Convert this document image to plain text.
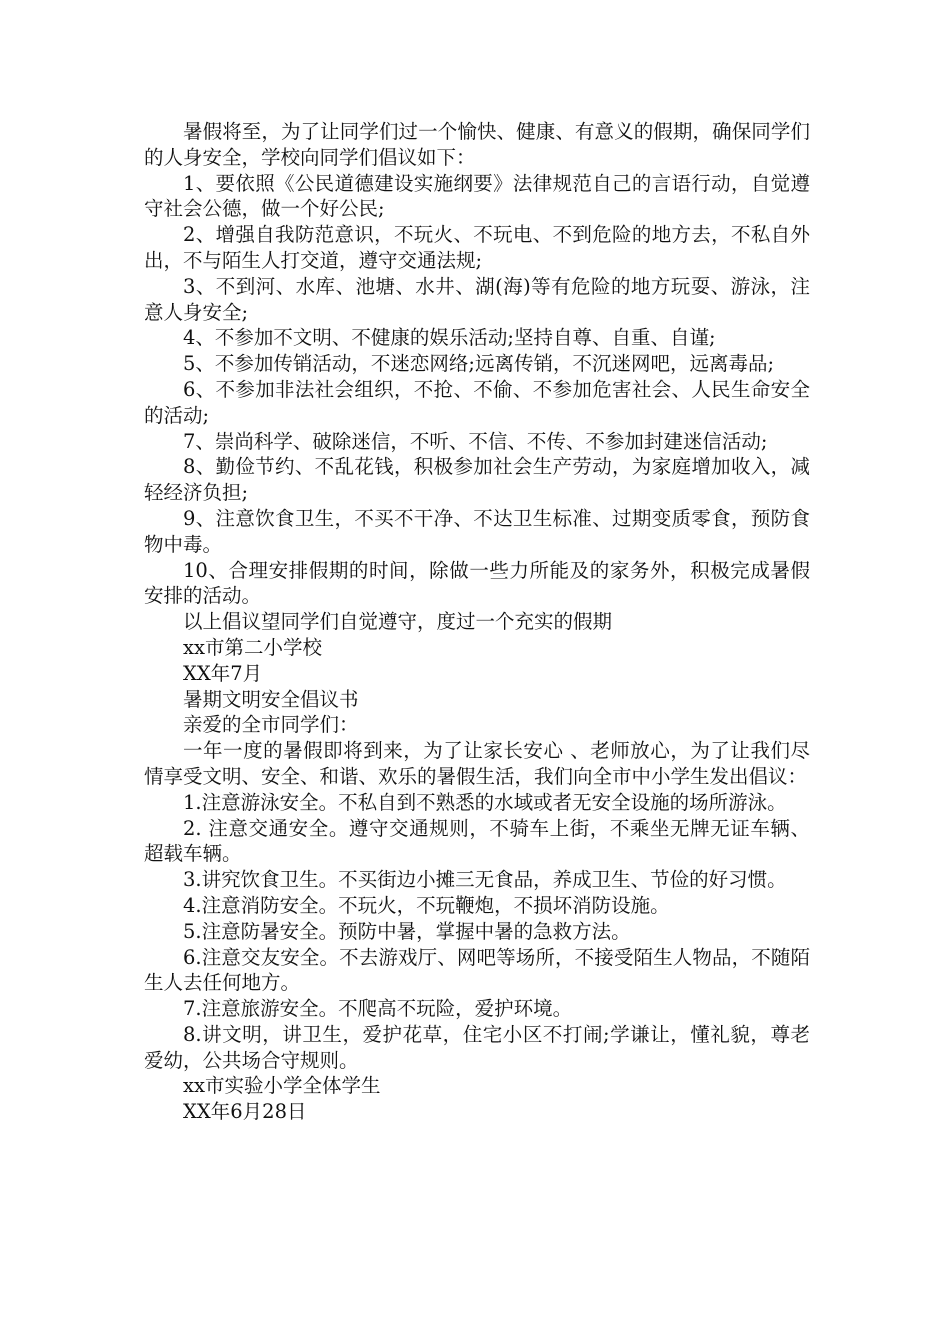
暑假将至，为了让同学们过一个愉快、健康、有意义的假期，确保同学们的人身安全，学校向同学们倡议如下：

1、要依照《公民道德建设实施纲要》法律规范自己的言语行动，自觉遵守社会公德，做一个好公民;

2、增强自我防范意识，不玩火、不玩电、不到危险的地方去，不私自外出，不与陌生人打交道，遵守交通法规;

3、不到河、水库、池塘、水井、湖(海)等有危险的地方玩耍、游泳，注意人身安全;

4、不参加不文明、不健康的娱乐活动;坚持自尊、自重、自谨;

5、不参加传销活动，不迷恋网络;远离传销，不沉迷网吧，远离毒品;

6、不参加非法社会组织，不抢、不偷、不参加危害社会、人民生命安全的活动;

7、崇尚科学、破除迷信，不听、不信、不传、不参加封建迷信活动;

8、勤俭节约、不乱花钱，积极参加社会生产劳动，为家庭增加收入，减轻经济负担;

9、注意饮食卫生，不买不干净、不达卫生标准、过期变质零食，预防食物中毒。

10、合理安排假期的时间，除做一些力所能及的家务外，积极完成暑假安排的活动。

以上倡议望同学们自觉遵守，度过一个充实的假期

xx市第二小学校

XX年7月

暑期文明安全倡议书

亲爱的全市同学们：

一年一度的暑假即将到来，为了让家长安心 、老师放心，为了让我们尽情享受文明、安全、和谐、欢乐的暑假生活，我们向全市中小学生发出倡议：

1.注意游泳安全。不私自到不熟悉的水域或者无安全设施的场所游泳。

2. 注意交通安全。遵守交通规则，不骑车上街，不乘坐无牌无证车辆、超载车辆。

3.讲究饮食卫生。不买街边小摊三无食品，养成卫生、节俭的好习惯。

4.注意消防安全。不玩火，不玩鞭炮，不损坏消防设施。

5.注意防暑安全。预防中暑，掌握中暑的急救方法。

6.注意交友安全。不去游戏厅、网吧等场所，不接受陌生人物品，不随陌生人去任何地方。

7.注意旅游安全。不爬高不玩险，爱护环境。

8.讲文明，讲卫生，爱护花草，住宅小区不打闹;学谦让，懂礼貌，尊老爱幼，公共场合守规则。

xx市实验小学全体学生

XX年6月28日
